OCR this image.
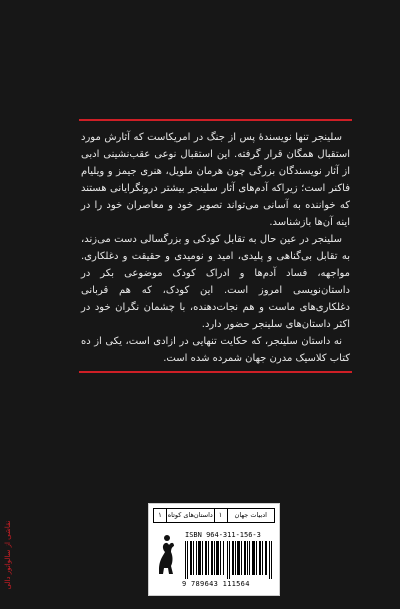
سلینجر تنها نویسندهٔ پس از جنگ در امریکاست که آثارش مورد استقبال همگان قرار گرفته. این استقبال نوعی عقب‌نشینی ادبی از آثار نویسندگان بزرگی چون هرمان ملویل، هنری جیمز و ویلیام فاکنر است؛ زیراکه آدم‌های آثار سلینجر بیشتر درونگرایانی هستند که خواننده به آسانی می‌تواند تصویر خود و معاصران خود را در اینه آن‌ها بازشناسد.

سلینجر در عین حال به تقابل کودکی و بزرگسالی دست می‌زند، به تقابل بی‌گناهی و پلیدی، امید و نومیدی و حقیقت و دغلکاری. مواجهه، فساد آدم‌ها و ادراک کودک موضوعی بکر در داستان‌نویسی امروز است. این کودک، که هم قربانی دغلکاری‌های ماست و هم نجات‌دهنده، با چشمان نگران خود در اکثر داستان‌های سلینجر حضور دارد.

نه داستان سلینجر، که حکایت تنهایی در ازادی است، یکی از ده کتاب کلاسیک مدرن جهان شمرده شده است.

نقاشی از سالواتور دالی
ادبیات جهان
۱
داستان‌های کوتاه
۱
ISBN 964-311-156-3
9 789643 111564
